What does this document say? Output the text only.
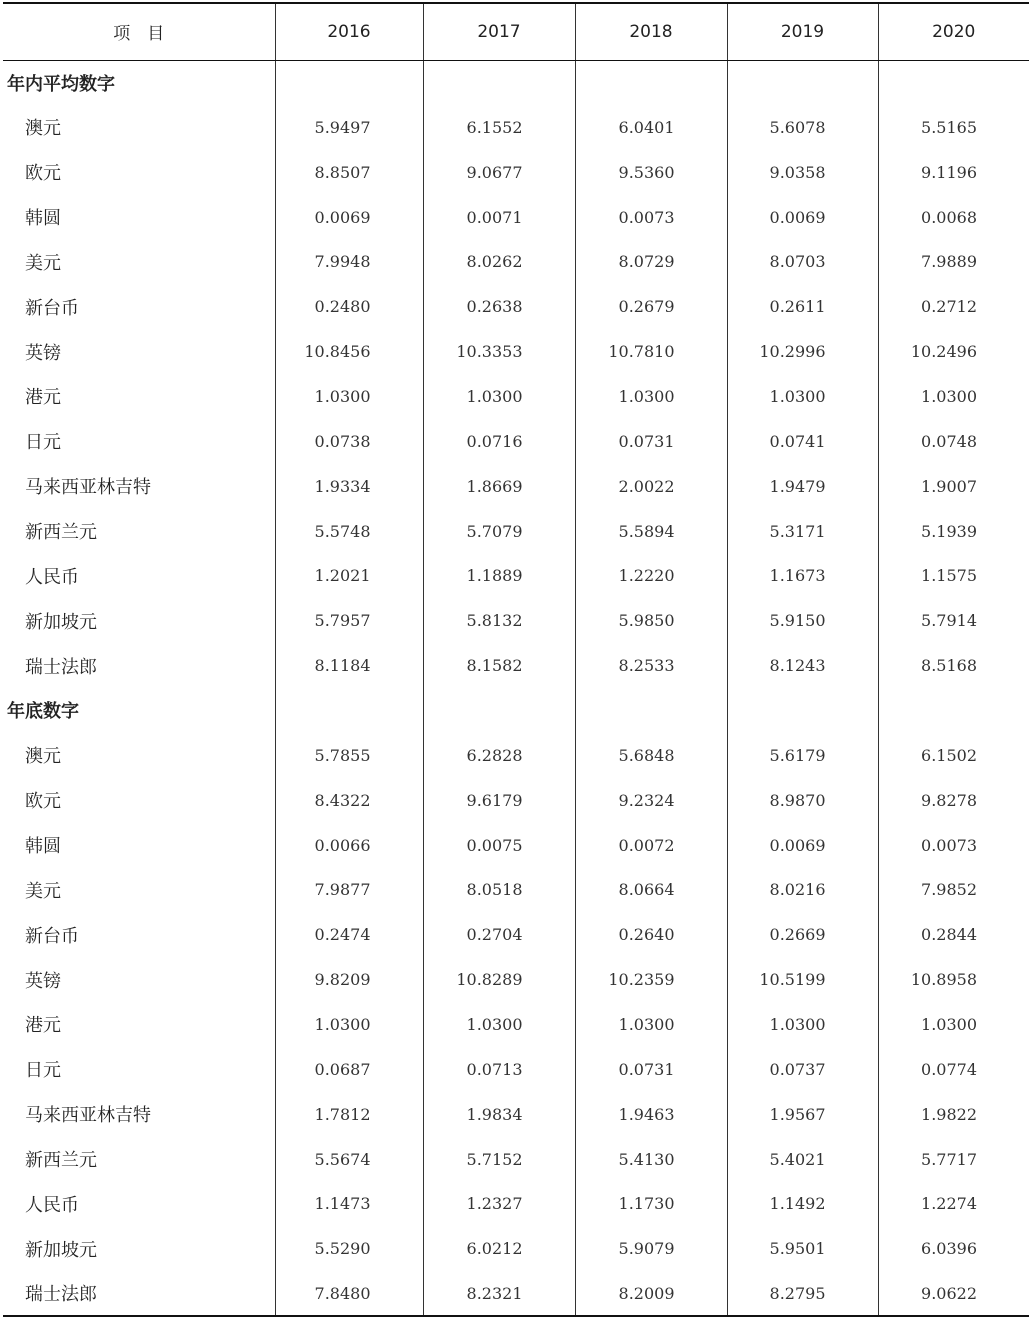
项　目	2016	2017	2018	2019	2020
年内平均数字					
澳元	5.9497	6.1552	6.0401	5.6078	5.5165
欧元	8.8507	9.0677	9.5360	9.0358	9.1196
韩圆	0.0069	0.0071	0.0073	0.0069	0.0068
美元	7.9948	8.0262	8.0729	8.0703	7.9889
新台币	0.2480	0.2638	0.2679	0.2611	0.2712
英镑	10.8456	10.3353	10.7810	10.2996	10.2496
港元	1.0300	1.0300	1.0300	1.0300	1.0300
日元	0.0738	0.0716	0.0731	0.0741	0.0748
马来西亚林吉特	1.9334	1.8669	2.0022	1.9479	1.9007
新西兰元	5.5748	5.7079	5.5894	5.3171	5.1939
人民币	1.2021	1.1889	1.2220	1.1673	1.1575
新加坡元	5.7957	5.8132	5.9850	5.9150	5.7914
瑞士法郎	8.1184	8.1582	8.2533	8.1243	8.5168
年底数字					
澳元	5.7855	6.2828	5.6848	5.6179	6.1502
欧元	8.4322	9.6179	9.2324	8.9870	9.8278
韩圆	0.0066	0.0075	0.0072	0.0069	0.0073
美元	7.9877	8.0518	8.0664	8.0216	7.9852
新台币	0.2474	0.2704	0.2640	0.2669	0.2844
英镑	9.8209	10.8289	10.2359	10.5199	10.8958
港元	1.0300	1.0300	1.0300	1.0300	1.0300
日元	0.0687	0.0713	0.0731	0.0737	0.0774
马来西亚林吉特	1.7812	1.9834	1.9463	1.9567	1.9822
新西兰元	5.5674	5.7152	5.4130	5.4021	5.7717
人民币	1.1473	1.2327	1.1730	1.1492	1.2274
新加坡元	5.5290	6.0212	5.9079	5.9501	6.0396
瑞士法郎	7.8480	8.2321	8.2009	8.2795	9.0622
